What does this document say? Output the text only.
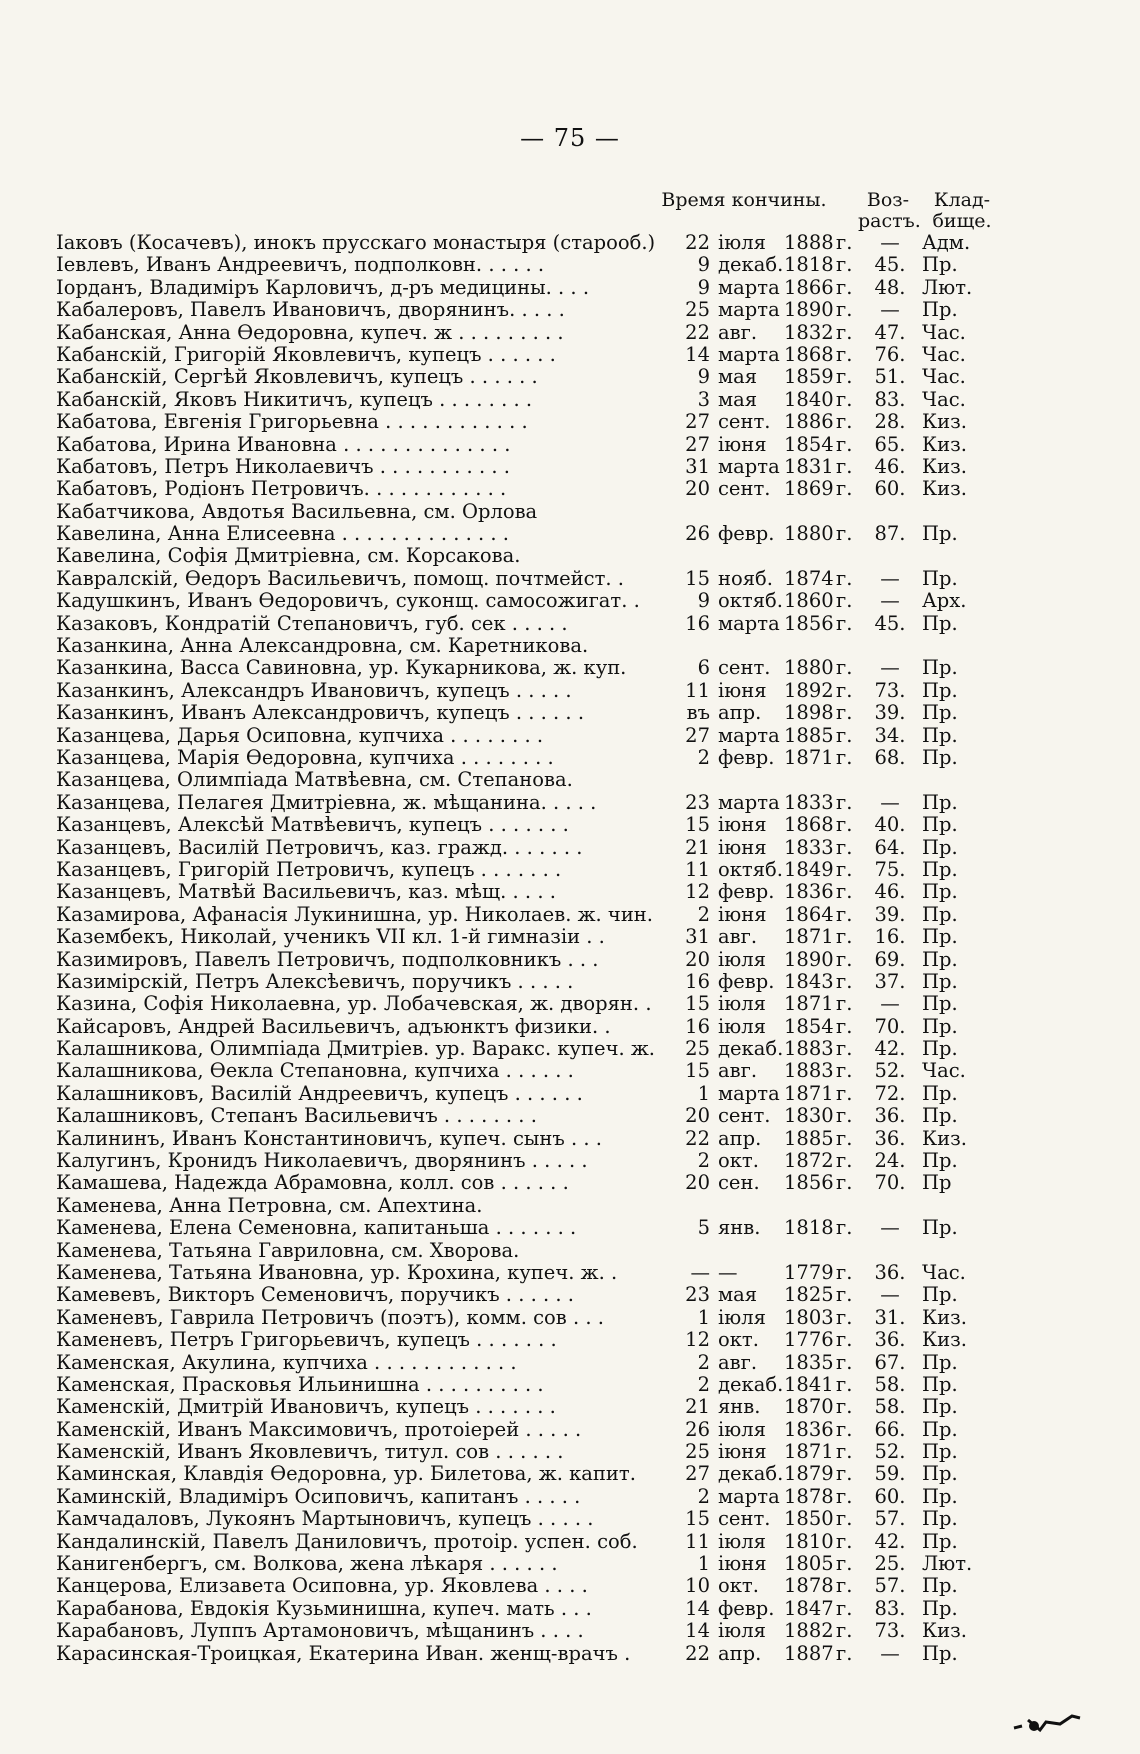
— 75 —
Время кончины.	Воз-растъ.
Клад-бище.
Іаковъ (Косачевъ), инокъ прусскаго монастыря (старооб.)	22 іюля 1888 г.	—	Адм.
Іевлевъ, Иванъ Андреевичъ, подполковн. . . . . .	9 декаб. 1818 г.	45. Пр.
Іорданъ, Владиміръ Карловичъ, д-ръ медицины. . . .	9 марта 1866 г.	48. Лют.
Кабалеровъ, Павелъ Ивановичъ, дворянинъ. . . . .	25 марта 1890 г.	—	Пр.
Кабанская, Анна Ѳедоровна, купеч. ж . . . . . . . . .	22 авг.	1832 г.	47. Час.
Кабанскій, Григорій Яковлевичъ, купецъ . . . . . .	14 марта 1868 г.	76. Час.
Кабанскій, Сергѣй Яковлевичъ, купецъ . . . . . .	9 мая	1859 г.	51. Час.
Кабанскій, Яковъ Никитичъ, купецъ . . . . . . . .	3 мая	1840 г.	83. Час.
Кабатова, Евгенія Григорьевна . . . . . . . . . . . .	27 сент. 1886 г.	28. Киз.
Кабатова, Ирина Ивановна . . . . . . . . . . . . . .	27 іюня 1854 г.	65. Киз.
Кабатовъ, Петръ Николаевичъ . . . . . . . . . . .	31 марта 1831 г.	46. Киз.
Кабатовъ, Родіонъ Петровичъ. . . . . . . . . . . .	20 сент. 1869 г.	60. Киз.
Кабатчикова, Авдотья Васильевна, см. Орлова
Кавелина, Анна Елисеевна . . . . . . . . . . . . . .	26 февр. 1880 г.	87. Пр.
Кавелина, Софія Дмитріевна, см. Корсакова.
Кавралскій, Ѳедоръ Васильевичъ, помощ. почтмейст. .	15 нояб. 1874 г.	—	Пр.
Кадушкинъ, Иванъ Ѳедоровичъ, суконщ. самосожигат. .	9 октяб. 1860 г.	—	Арх.
Казаковъ, Кондратій Степановичъ, губ. сек . . . . .	16 марта 1856 г.	45. Пр.
Казанкина, Анна Александровна, см. Каретникова.
Казанкина, Васса Савиновна, ур. Кукарникова, ж. куп.	6 сент. 1880 г.	—	Пр.
Казанкинъ, Александръ Ивановичъ, купецъ . . . . .	11 іюня 1892 г.	73. Пр.
Казанкинъ, Иванъ Александровичъ, купецъ . . . . . .	въ апр.	1898 г.	39. Пр.
Казанцева, Дарья Осиповна, купчиха . . . . . . . .	27 марта 1885 г.	34. Пр.
Казанцева, Марія Ѳедоровна, купчиха . . . . . . . .	2 февр. 1871 г.	68. Пр.
Казанцева, Олимпіада Матвѣевна, см. Степанова.
Казанцева, Пелагея Дмитріевна, ж. мѣщанина. . . . .	23 марта 1833 г.	—	Пр.
Казанцевъ, Алексѣй Матвѣевичъ, купецъ . . . . . . .	15 іюня 1868 г.	40. Пр.
Казанцевъ, Василій Петровичъ, каз. гражд. . . . . . .	21 іюня 1833 г.	64. Пр.
Казанцевъ, Григорій Петровичъ, купецъ . . . . . . .	11 октяб. 1849 г.	75. Пр.
Казанцевъ, Матвѣй Васильевичъ, каз. мѣщ. . . . .	12 февр. 1836 г.	46. Пр.
Казамирова, Афанасія Лукинишна, ур. Николаев. ж. чин.	2 іюня 1864 г.	39. Пр.
Казембекъ, Николай, ученикъ VII кл. 1-й гимназіи . .	31 авг.	1871 г.	16. Пр.
Казимировъ, Павелъ Петровичъ, подполковникъ . . .	20 іюля 1890 г.	69. Пр.
Казимірскій, Петръ Алексѣевичъ, поручикъ . . . . .	16 февр. 1843 г.	37. Пр.
Казина, Софія Николаевна, ур. Лобачевская, ж. дворян. .	15 іюля 1871 г.	—	Пр.
Кайсаровъ, Андрей Васильевичъ, адъюнктъ физики. .	16 іюля 1854 г.	70. Пр.
Калашникова, Олимпіада Дмитріев. ур. Варакс. купеч. ж.	25 декаб. 1883 г.	42. Пр.
Калашникова, Ѳекла Степановна, купчиха . . . . . .	15 авг.	1883 г.	52. Час.
Калашниковъ, Василій Андреевичъ, купецъ . . . . . .	1 марта 1871 г.	72. Пр.
Калашниковъ, Степанъ Васильевичъ . . . . . . . .	20 сент. 1830 г.	36. Пр.
Калининъ, Иванъ Константиновичъ, купеч. сынъ . . .	22 апр.	1885 г.	36. Киз.
Калугинъ, Кронидъ Николаевичъ, дворянинъ . . . . .	2 окт.	1872 г.	24. Пр.
Камашева, Надежда Абрамовна, колл. сов . . . . . .	20 сен.	1856 г.	70. Пр
Каменева, Анна Петровна, см. Апехтина.
Каменева, Елена Семеновна, капитаньша . . . . . . .	5 янв.	1818 г.	—	Пр.
Каменева, Татьяна Гавриловна, см. Хворова.
Каменева, Татьяна Ивановна, ур. Крохина, купеч. ж. .	— —	1779 г.	36. Час.
Камевевъ, Викторъ Семеновичъ, поручикъ . . . . . .	23 мая	1825 г.	—	Пр.
Каменевъ, Гаврила Петровичъ (поэтъ), комм. сов . . .	1 іюля 1803 г.	31. Киз.
Каменевъ, Петръ Григорьевичъ, купецъ . . . . . . .	12 окт.	1776 г.	36. Киз.
Каменская, Акулина, купчиха . . . . . . . . . . . .	2 авг.	1835 г.	67. Пр.
Каменская, Прасковья Ильинишна . . . . . . . . . .	2 декаб. 1841 г.	58. Пр.
Каменскій, Дмитрій Ивановичъ, купецъ . . . . . . .	21 янв.	1870 г.	58. Пр.
Каменскій, Иванъ Максимовичъ, протоіерей . . . . .	26 іюля 1836 г.	66. Пр.
Каменскій, Иванъ Яковлевичъ, титул. сов . . . . . .	25 іюня 1871 г.	52. Пр.
Каминская, Клавдія Ѳедоровна, ур. Билетова, ж. капит.	27 декаб. 1879 г.	59. Пр.
Каминскій, Владиміръ Осиповичъ, капитанъ . . . . .	2 марта 1878 г.	60. Пр.
Камчадаловъ, Лукоянъ Мартыновичъ, купецъ . . . . .	15 сент. 1850 г.	57. Пр.
Кандалинскій, Павелъ Даниловичъ, протоір. успен. соб.	11 іюля 1810 г.	42. Пр.
Канигенбергъ, см. Волкова, жена лѣкаря . . . . . .	1 іюня 1805 г.	25. Лют.
Канцерова, Елизавета Осиповна, ур. Яковлева . . . .	10 окт.	1878 г.	57. Пр.
Карабанова, Евдокія Кузьминишна, купеч. мать . . .	14 февр. 1847 г.	83. Пр.
Карабановъ, Луппъ Артамоновичъ, мѣщанинъ . . . .	14 іюля 1882 г.	73. Киз.
Карасинская-Троицкая, Екатерина Иван. женщ-врачъ .	22 апр.	1887 г.	—	Пр.
